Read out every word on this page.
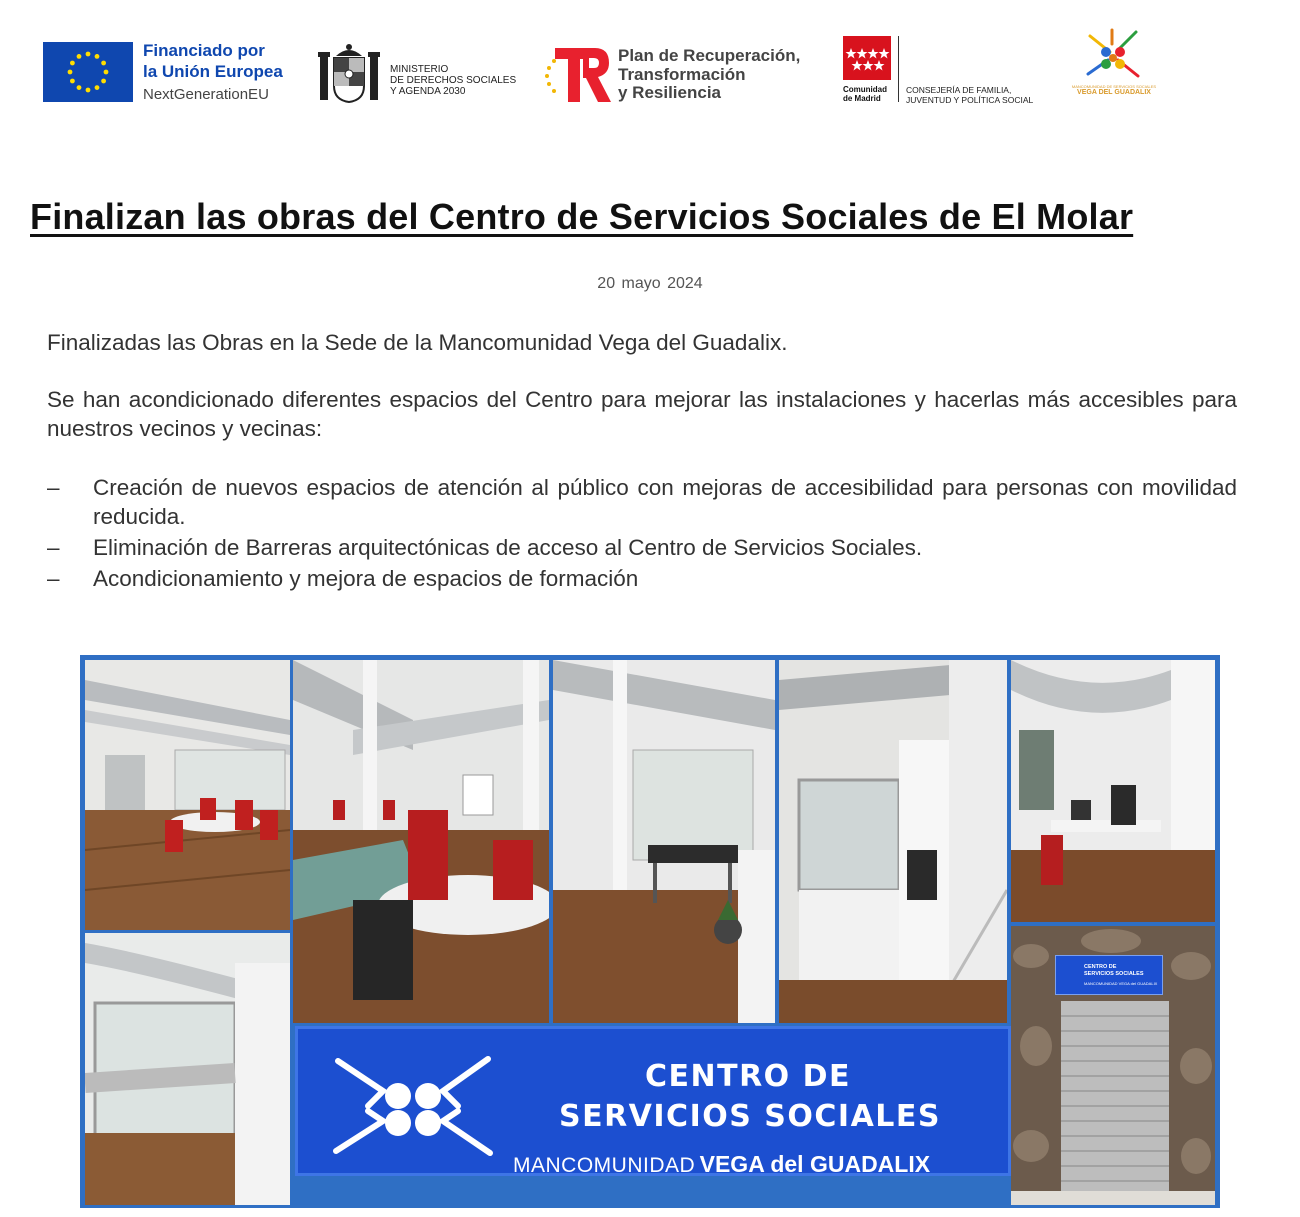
Financiado por
la Unión Europea
NextGenerationEU
MINISTERIO
DE DERECHOS SOCIALES
Y AGENDA 2030
Plan de Recuperación,
Transformación
y Resiliencia	Comunidad
de Madrid
CONSEJERÍA DE FAMILIA,
JUVENTUD Y POLÍTICA SOCIAL
MANCOMUNIDAD DE SERVICIOS SOCIALES
VEGA DEL GUADALIX
Finalizan las obras del Centro de Servicios Sociales de El Molar
20 mayo 2024

Finalizadas las Obras en la Sede de la Mancomunidad Vega del Guadalix.

Se han acondicionado diferentes espacios del Centro para mejorar las instalaciones y hacerlas más accesibles para nuestros vecinos y vecinas:

– Creación de nuevos espacios de atención al público con mejoras de accesibilidad para personas con movilidad reducida.
– Eliminación de Barreras arquitectónicas de acceso al Centro de Servicios Sociales.
– Acondicionamiento y mejora de espacios de formación
CENTRO DE
SERVICIOS SOCIALES
MANCOMUNIDAD VEGA del GUADALIX
CENTRO DE
SERVICIOS SOCIALES
MANCOMUNIDAD VEGA del GUADALIX
